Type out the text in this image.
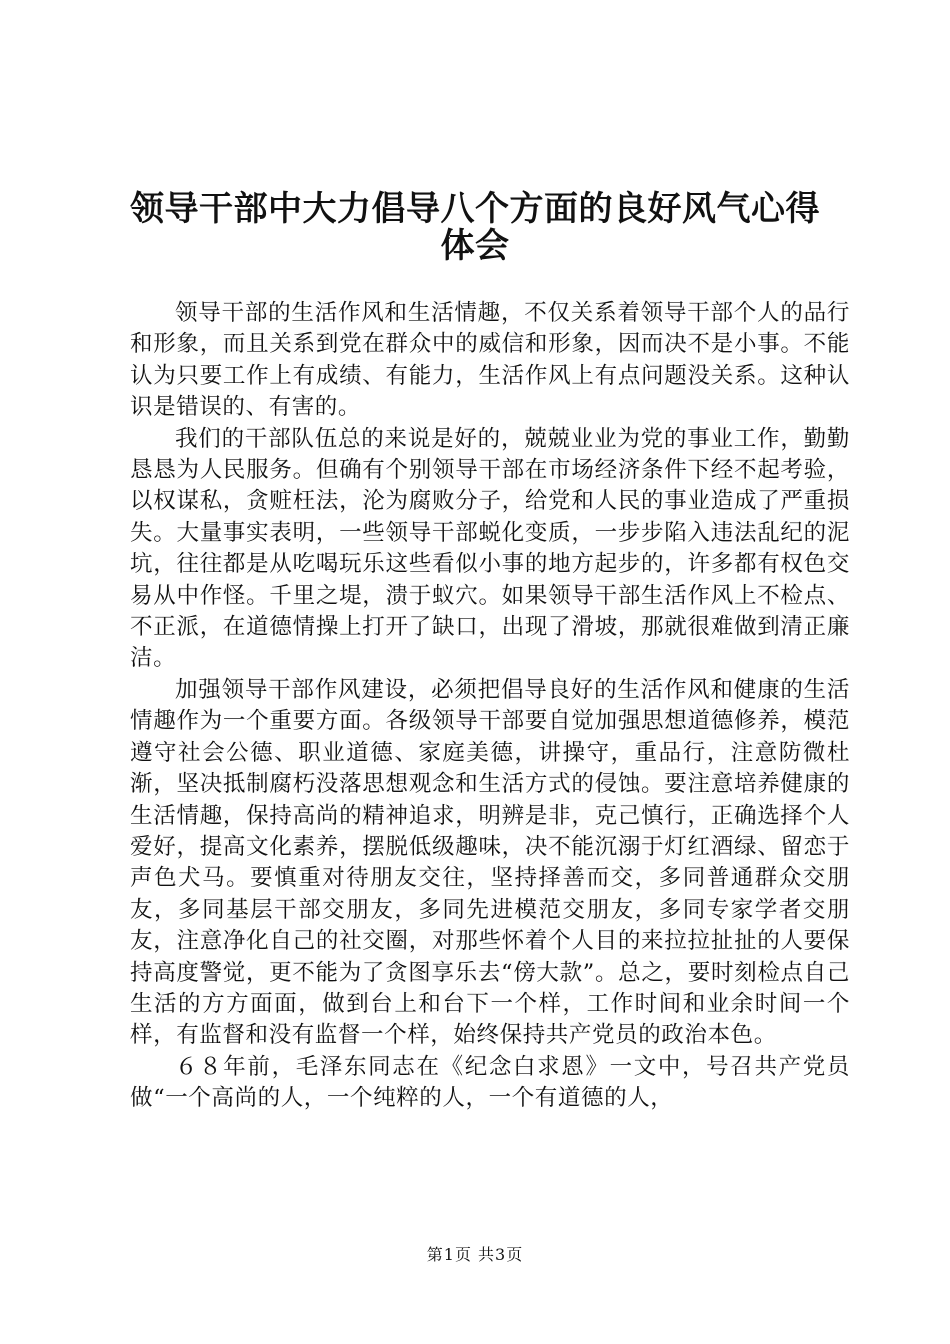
领导干部中大力倡导八个方面的良好风气心得
体会

领导干部的生活作风和生活情趣，不仅关系着领导干部个人的品行和形象，而且关系到党在群众中的威信和形象，因而决不是小事。不能认为只要工作上有成绩、有能力，生活作风上有点问题没关系。这种认识是错误的、有害的。

我们的干部队伍总的来说是好的，兢兢业业为党的事业工作，勤勤恳恳为人民服务。但确有个别领导干部在市场经济条件下经不起考验，以权谋私，贪赃枉法，沦为腐败分子，给党和人民的事业造成了严重损失。大量事实表明，一些领导干部蜕化变质，一步步陷入违法乱纪的泥坑，往往都是从吃喝玩乐这些看似小事的地方起步的，许多都有权色交易从中作怪。千里之堤，溃于蚁穴。如果领导干部生活作风上不检点、不正派，在道德情操上打开了缺口，出现了滑坡，那就很难做到清正廉洁。

加强领导干部作风建设，必须把倡导良好的生活作风和健康的生活情趣作为一个重要方面。各级领导干部要自觉加强思想道德修养，模范遵守社会公德、职业道德、家庭美德，讲操守，重品行，注意防微杜渐，坚决抵制腐朽没落思想观念和生活方式的侵蚀。要注意培养健康的生活情趣，保持高尚的精神追求，明辨是非，克己慎行，正确选择个人爱好，提高文化素养，摆脱低级趣味，决不能沉溺于灯红酒绿、留恋于声色犬马。要慎重对待朋友交往，坚持择善而交，多同普通群众交朋友，多同基层干部交朋友，多同先进模范交朋友，多同专家学者交朋友，注意净化自己的社交圈，对那些怀着个人目的来拉拉扯扯的人要保持高度警觉，更不能为了贪图享乐去“傍大款”。总之，要时刻检点自己生活的方方面面，做到台上和台下一个样，工作时间和业余时间一个样，有监督和没有监督一个样，始终保持共产党员的政治本色。

６８年前，毛泽东同志在《纪念白求恩》一文中，号召共产党员做“一个高尚的人，一个纯粹的人，一个有道德的人，

第1页 共3页
